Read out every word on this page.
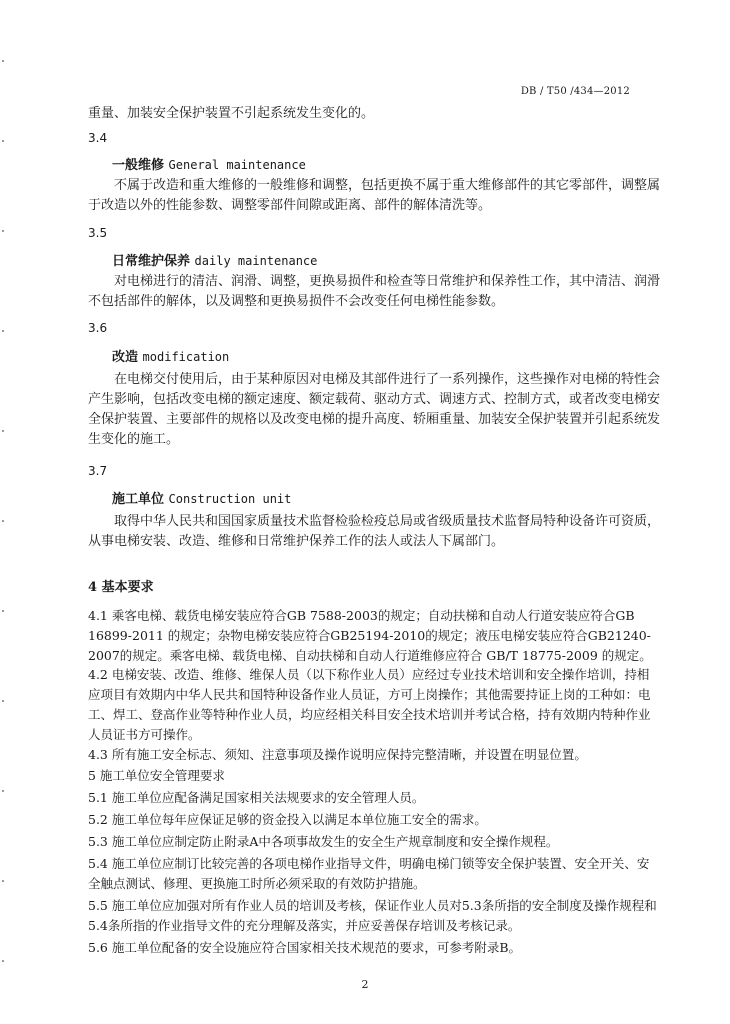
DB / T50 /434—2012
重量、加装安全保护装置不引起系统发生变化的。
3.4
一般维修 General maintenance
不属于改造和重大维修的一般维修和调整，包括更换不属于重大维修部件的其它零部件，调整属于改造以外的性能参数、调整零部件间隙或距离、部件的解体清洗等。
3.5
日常维护保养 daily maintenance
对电梯进行的清洁、润滑、调整，更换易损件和检查等日常维护和保养性工作，其中清洁、润滑不包括部件的解体，以及调整和更换易损件不会改变任何电梯性能参数。
3.6
改造 modification
在电梯交付使用后，由于某种原因对电梯及其部件进行了一系列操作，这些操作对电梯的特性会产生影响，包括改变电梯的额定速度、额定载荷、驱动方式、调速方式、控制方式，或者改变电梯安全保护装置、主要部件的规格以及改变电梯的提升高度、轿厢重量、加装安全保护装置并引起系统发生变化的施工。
3.7
施工单位 Construction unit
取得中华人民共和国国家质量技术监督检验检疫总局或省级质量技术监督局特种设备许可资质，从事电梯安装、改造、维修和日常维护保养工作的法人或法人下属部门。
4 基本要求
4.1 乘客电梯、载货电梯安装应符合GB 7588-2003的规定；自动扶梯和自动人行道安装应符合GB 16899-2011 的规定；杂物电梯安装应符合GB25194-2010的规定；液压电梯安装应符合GB21240-2007的规定。乘客电梯、载货电梯、自动扶梯和自动人行道维修应符合 GB/T 18775-2009 的规定。
4.2 电梯安装、改造、维修、维保人员（以下称作业人员）应经过专业技术培训和安全操作培训，持相应项目有效期内中华人民共和国特种设备作业人员证，方可上岗操作；其他需要持证上岗的工种如：电工、焊工、登高作业等特种作业人员，均应经相关科目安全技术培训并考试合格，持有效期内特种作业人员证书方可操作。
4.3 所有施工安全标志、须知、注意事项及操作说明应保持完整清晰，并设置在明显位置。
5 施工单位安全管理要求
5.1 施工单位应配备满足国家相关法规要求的安全管理人员。
5.2 施工单位每年应保证足够的资金投入以满足本单位施工安全的需求。
5.3 施工单位应制定防止附录A中各项事故发生的安全生产规章制度和安全操作规程。
5.4 施工单位应制订比较完善的各项电梯作业指导文件，明确电梯门锁等安全保护装置、安全开关、安全触点测试、修理、更换施工时所必须采取的有效防护措施。
5.5 施工单位应加强对所有作业人员的培训及考核，保证作业人员对5.3条所指的安全制度及操作规程和5.4条所指的作业指导文件的充分理解及落实，并应妥善保存培训及考核记录。
5.6 施工单位配备的安全设施应符合国家相关技术规范的要求，可参考附录B。
2
